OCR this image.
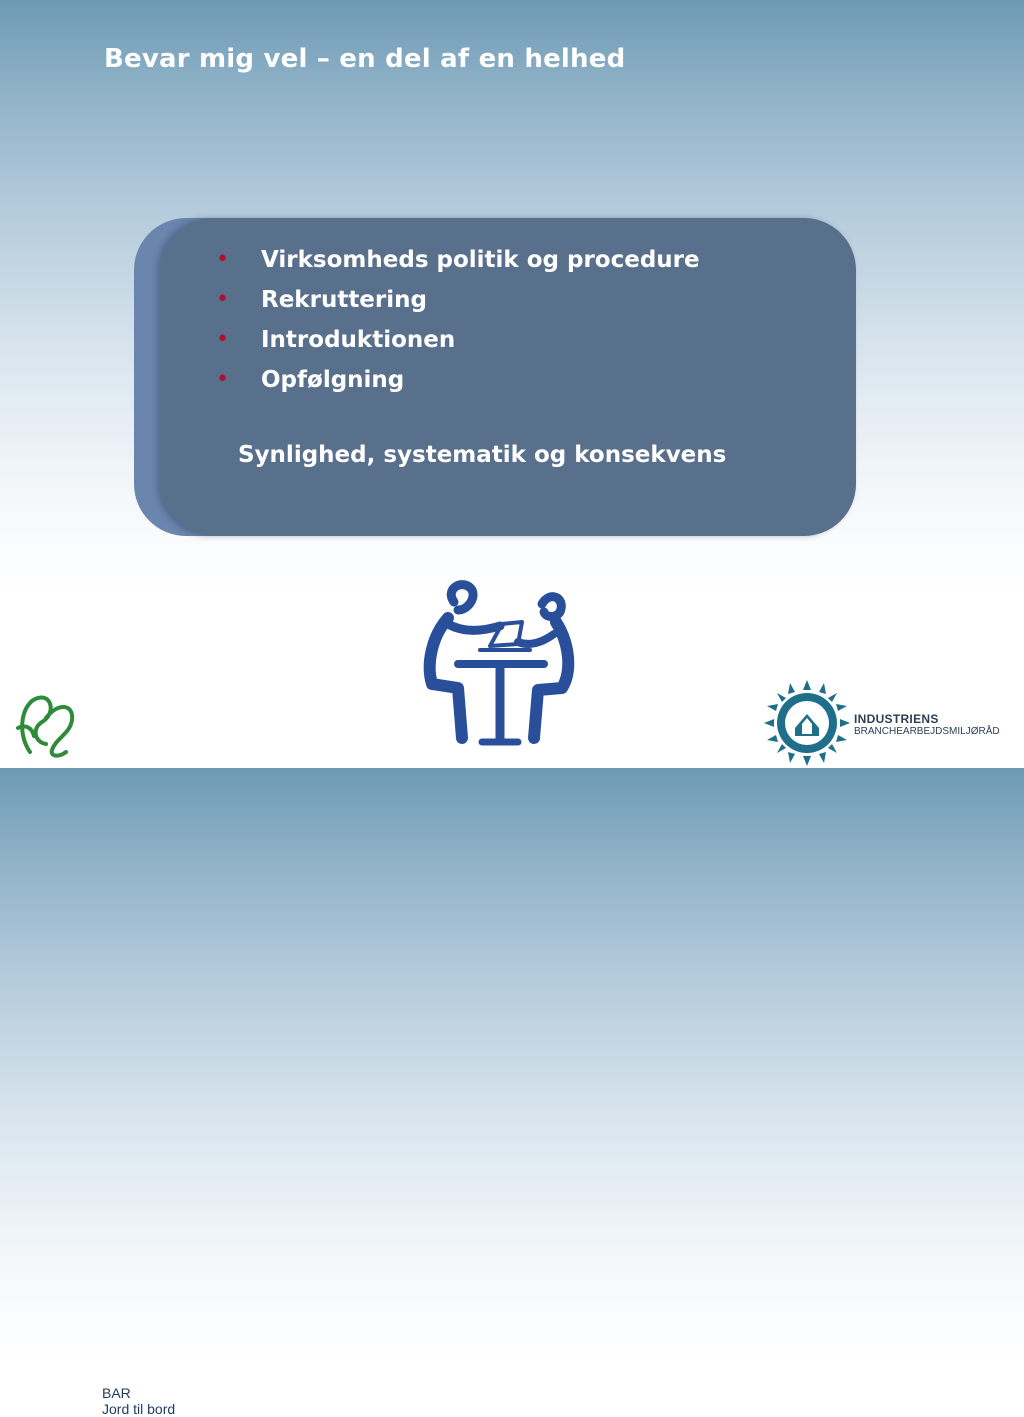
Bevar mig vel – en del af en helhed
•	Virksomheds politik og procedure
•	Rekruttering
•	Introduktionen
•	Opfølgning

Synlighed, systematik og konsekvens

BAR
Jord til bord
INDUSTRIENS
BRANCHEARBEJDSMILJØRÅD
